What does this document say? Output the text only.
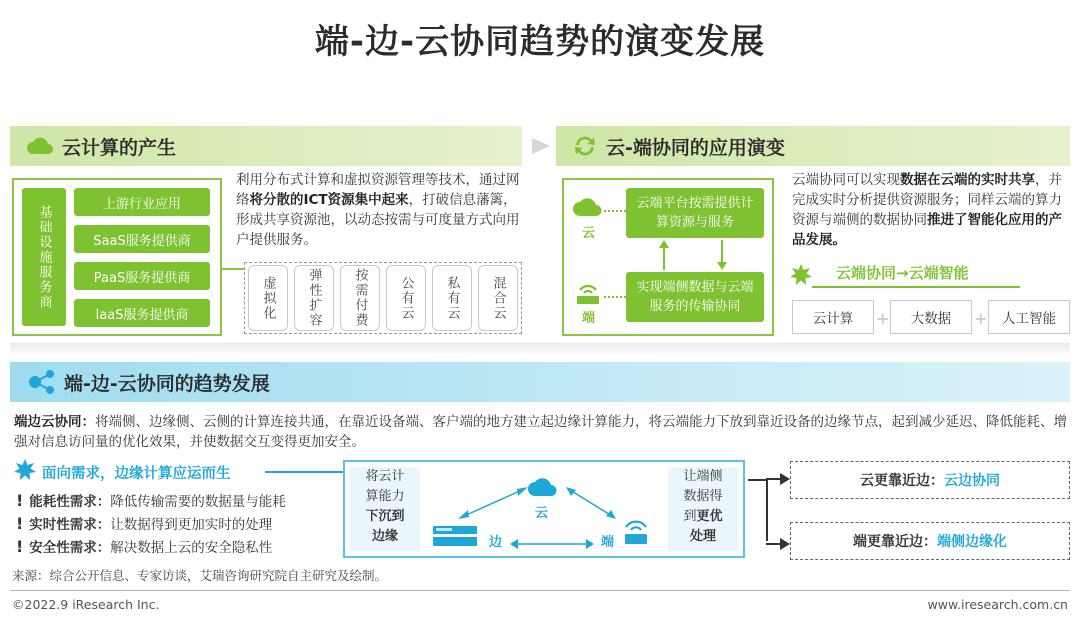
端-边-云协同趋势的演变发展
云计算的产生
基础设施服务商
上游行业应用
SaaS服务提供商
PaaS服务提供商
IaaS服务提供商
利用分布式计算和虚拟资源管理等技术，通过网络将分散的ICT资源集中起来，打破信息藩篱，形成共享资源池，以动态按需与可度量方式向用户提供服务。
虚拟化	弹性扩容	按需付费	公有云	私有云	混合云
云-端协同的应用演变
云
端
云端平台按需提供计算资源与服务
实现端侧数据与云端服务的传输协同
云端协同可以实现数据在云端的实时共享，并完成实时分析提供资源服务；同样云端的算力资源与端侧的数据协同推进了智能化应用的产品发展。
云端协同→云端智能
云计算	+	大数据	+	人工智能
端-边-云协同的趋势发展
端边云协同：将端侧、边缘侧、云侧的计算连接共通，在靠近设备端、客户端的地方建立起边缘计算能力，将云端能力下放到靠近设备的边缘节点，起到减少延迟、降低能耗、增强对信息访问量的优化效果，并使数据交互变得更加安全。
面向需求，边缘计算应运而生
! 能耗性需求：降低传输需要的数据量与能耗
! 实时性需求：让数据得到更加实时的处理
! 安全性需求：解决数据上云的安全隐私性
将云计
算能力
下沉到
边缘
让端侧
数据得
到更优
处理
云
边	端
云更靠近边： 云边协同
端更靠近边： 端侧边缘化
来源：综合公开信息、专家访谈，艾瑞咨询研究院自主研究及绘制。
©2022.9 iResearch Inc.	www.iresearch.com.cn
